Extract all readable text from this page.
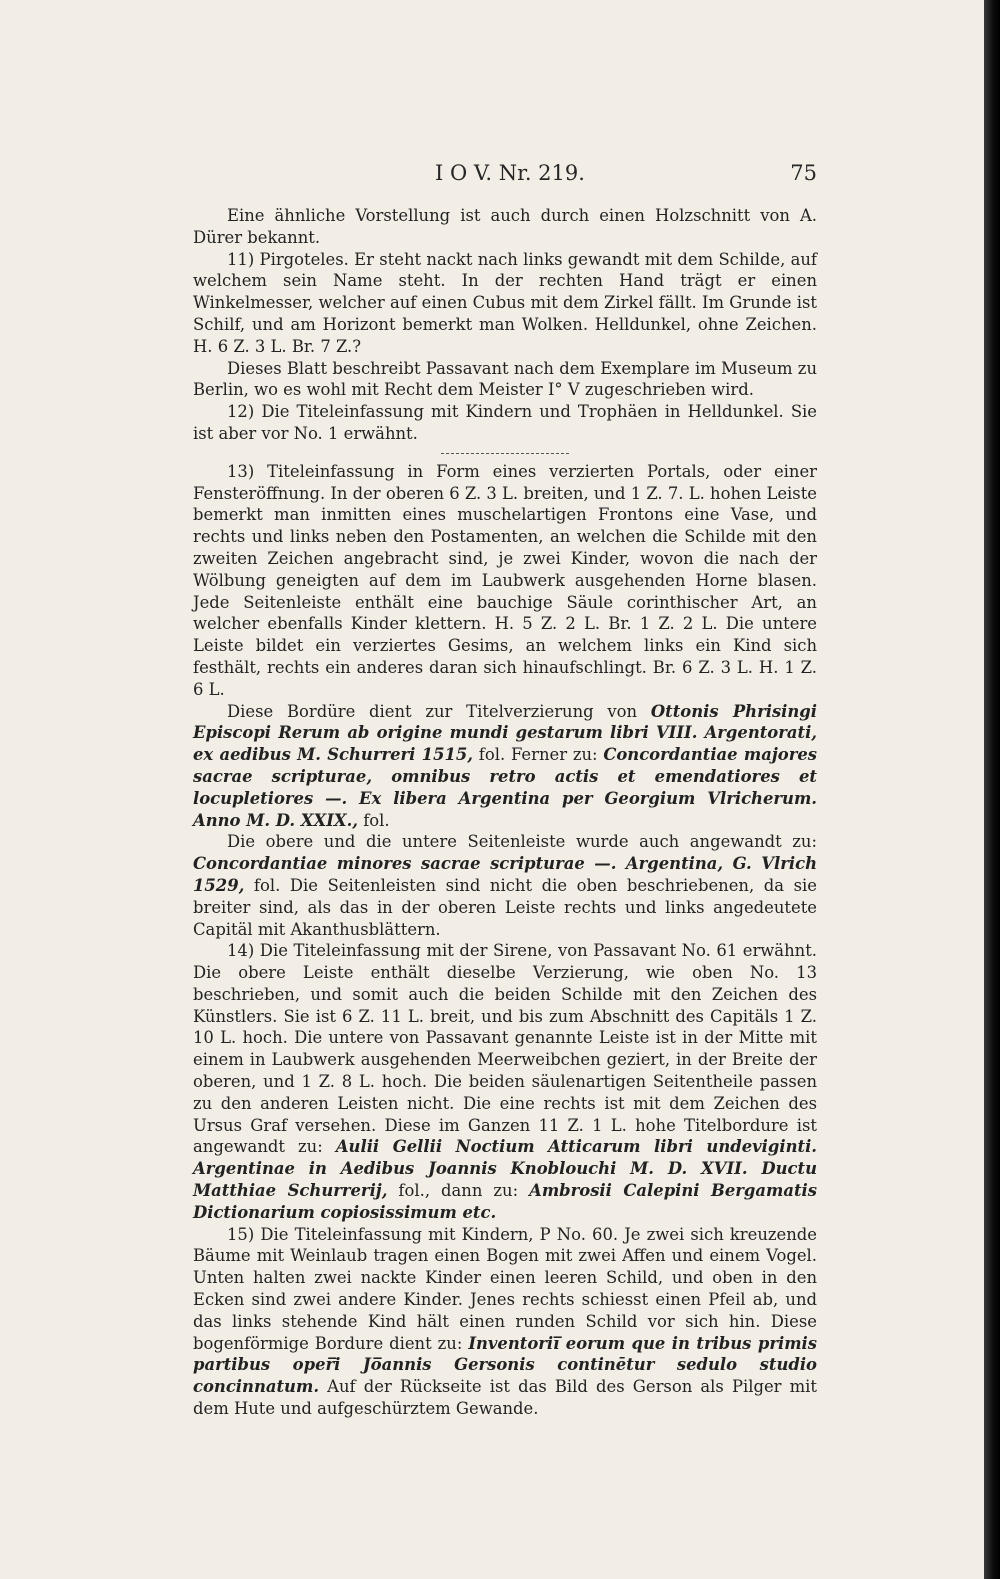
I O V. Nr. 219.	75

Eine ähnliche Vorstellung ist auch durch einen Holzschnitt von A. Dürer bekannt.

11) Pirgoteles. Er steht nackt nach links gewandt mit dem Schilde, auf welchem sein Name steht. In der rechten Hand trägt er einen Winkelmesser, welcher auf einen Cubus mit dem Zirkel fällt. Im Grunde ist Schilf, und am Horizont bemerkt man Wolken. Helldunkel, ohne Zeichen. H. 6 Z. 3 L. Br. 7 Z.?

Dieses Blatt beschreibt Passavant nach dem Exemplare im Museum zu Berlin, wo es wohl mit Recht dem Meister I° V zugeschrieben wird.

12) Die Titeleinfassung mit Kindern und Trophäen in Helldunkel. Sie ist aber vor No. 1 erwähnt.

13) Titeleinfassung in Form eines verzierten Portals, oder einer Fensteröffnung. In der oberen 6 Z. 3 L. breiten, und 1 Z. 7. L. hohen Leiste bemerkt man inmitten eines muschelartigen Frontons eine Vase, und rechts und links neben den Postamenten, an welchen die Schilde mit den zweiten Zeichen angebracht sind, je zwei Kinder, wovon die nach der Wölbung geneigten auf dem im Laubwerk ausgehenden Horne blasen. Jede Seitenleiste enthält eine bauchige Säule corinthischer Art, an welcher ebenfalls Kinder klettern. H. 5 Z. 2 L. Br. 1 Z. 2 L. Die untere Leiste bildet ein verziertes Gesims, an welchem links ein Kind sich festhält, rechts ein anderes daran sich hinaufschlingt. Br. 6 Z. 3 L. H. 1 Z. 6 L.

Diese Bordüre dient zur Titelverzierung von Ottonis Phrisingi Episcopi Rerum ab origine mundi gestarum libri VIII. Argentorati, ex aedibus M. Schurreri 1515, fol. Ferner zu: Concordantiae majores sacrae scripturae, omnibus retro actis et emendatiores et locupletiores —. Ex libera Argentina per Georgium Vlricherum. Anno M. D. XXIX., fol.

Die obere und die untere Seitenleiste wurde auch angewandt zu: Concordantiae minores sacrae scripturae —. Argentina, G. Vlrich 1529, fol. Die Seitenleisten sind nicht die oben beschriebenen, da sie breiter sind, als das in der oberen Leiste rechts und links angedeutete Capitäl mit Akanthusblättern.

14) Die Titeleinfassung mit der Sirene, von Passavant No. 61 erwähnt. Die obere Leiste enthält dieselbe Verzierung, wie oben No. 13 beschrieben, und somit auch die beiden Schilde mit den Zeichen des Künstlers. Sie ist 6 Z. 11 L. breit, und bis zum Abschnitt des Capitäls 1 Z. 10 L. hoch. Die untere von Passavant genannte Leiste ist in der Mitte mit einem in Laubwerk ausgehenden Meerweibchen geziert, in der Breite der oberen, und 1 Z. 8 L. hoch. Die beiden säulenartigen Seitentheile passen zu den anderen Leisten nicht. Die eine rechts ist mit dem Zeichen des Ursus Graf versehen. Diese im Ganzen 11 Z. 1 L. hohe Titelbordure ist angewandt zu: Aulii Gellii Noctium Atticarum libri undeviginti. Argentinae in Aedibus Joannis Knoblouchi M. D. XVII. Ductu Matthiae Schurrerij, fol., dann zu: Ambrosii Calepini Bergamatis Dictionarium copiosissimum etc.

15) Die Titeleinfassung mit Kindern, P No. 60. Je zwei sich kreuzende Bäume mit Weinlaub tragen einen Bogen mit zwei Affen und einem Vogel. Unten halten zwei nackte Kinder einen leeren Schild, und oben in den Ecken sind zwei andere Kinder. Jenes rechts schiesst einen Pfeil ab, und das links stehende Kind hält einen runden Schild vor sich hin. Diese bogenförmige Bordure dient zu: Inventorii̅ eorum que in tribus primis partibus oper̅i Jo̅annis Gersonis continētur sedulo studio concinnatum. Auf der Rückseite ist das Bild des Gerson als Pilger mit dem Hute und aufgeschürztem Gewande.
